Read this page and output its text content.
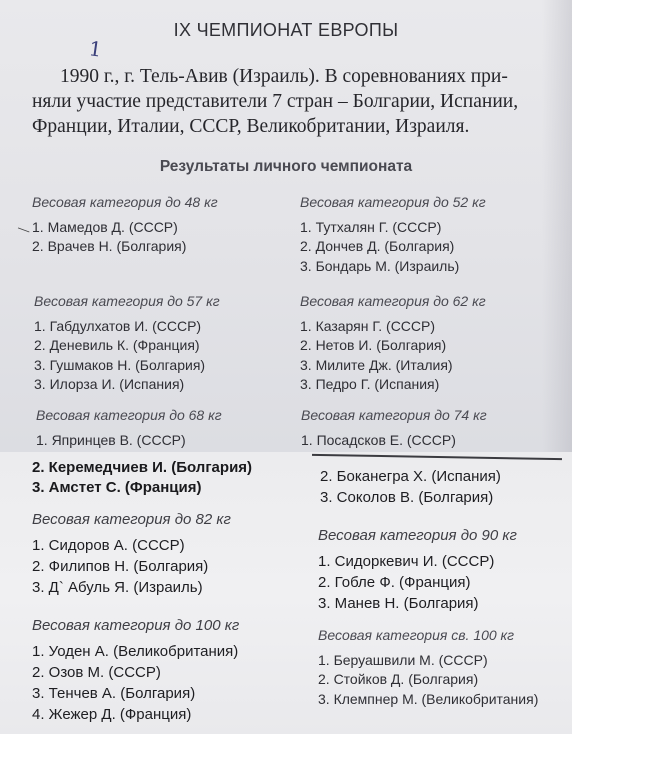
IX ЧЕМПИОНАТ ЕВРОПЫ
1
1990 г., г. Тель-Авив (Израиль). В соревнованиях при-
няли участие представители 7 стран – Болгарии, Испании,
Франции, Италии, СССР, Великобритании, Израиля.
Результаты личного чемпионата
—
Весовая категория до 48 кг
1. Мамедов Д. (СССР)
2. Врачев Н. (Болгария)
Весовая категория до 52 кг
1. Тутхалян Г. (СССР)
2. Дончев Д. (Болгария)
3. Бондарь М. (Израиль)
Весовая категория до 57 кг
1. Габдулхатов И. (СССР)
2. Деневиль К. (Франция)
3. Гушмаков Н. (Болгария)
3. Илорза И. (Испания)
Весовая категория до 62 кг
1. Казарян Г. (СССР)
2. Нетов И. (Болгария)
3. Милите Дж. (Италия)
3. Педро Г. (Испания)
Весовая категория до 68 кг
1. Япринцев В. (СССР)
Весовая категория до 74 кг
1. Посадсков Е. (СССР)
2. Керемедчиев И. (Болгария)
3. Амстет С. (Франция)
2. Боканегра Х. (Испания)
3. Соколов В. (Болгария)
Весовая категория до 82 кг
1. Сидоров А. (СССР)
2. Филипов Н. (Болгария)
3. Д` Абуль Я. (Израиль)
Весовая категория до 90 кг
1. Сидоркевич И. (СССР)
2. Гобле Ф. (Франция)
3. Манев Н. (Болгария)
Весовая категория до 100 кг
1. Уоден А. (Великобритания)
2. Озов М. (СССР)
3. Тенчев А. (Болгария)
4. Жежер Д. (Франция)
Весовая категория св. 100 кг
1. Беруашвили М. (СССР)
2. Стойков Д. (Болгария)
3. Клемпнер М. (Великобритания)
